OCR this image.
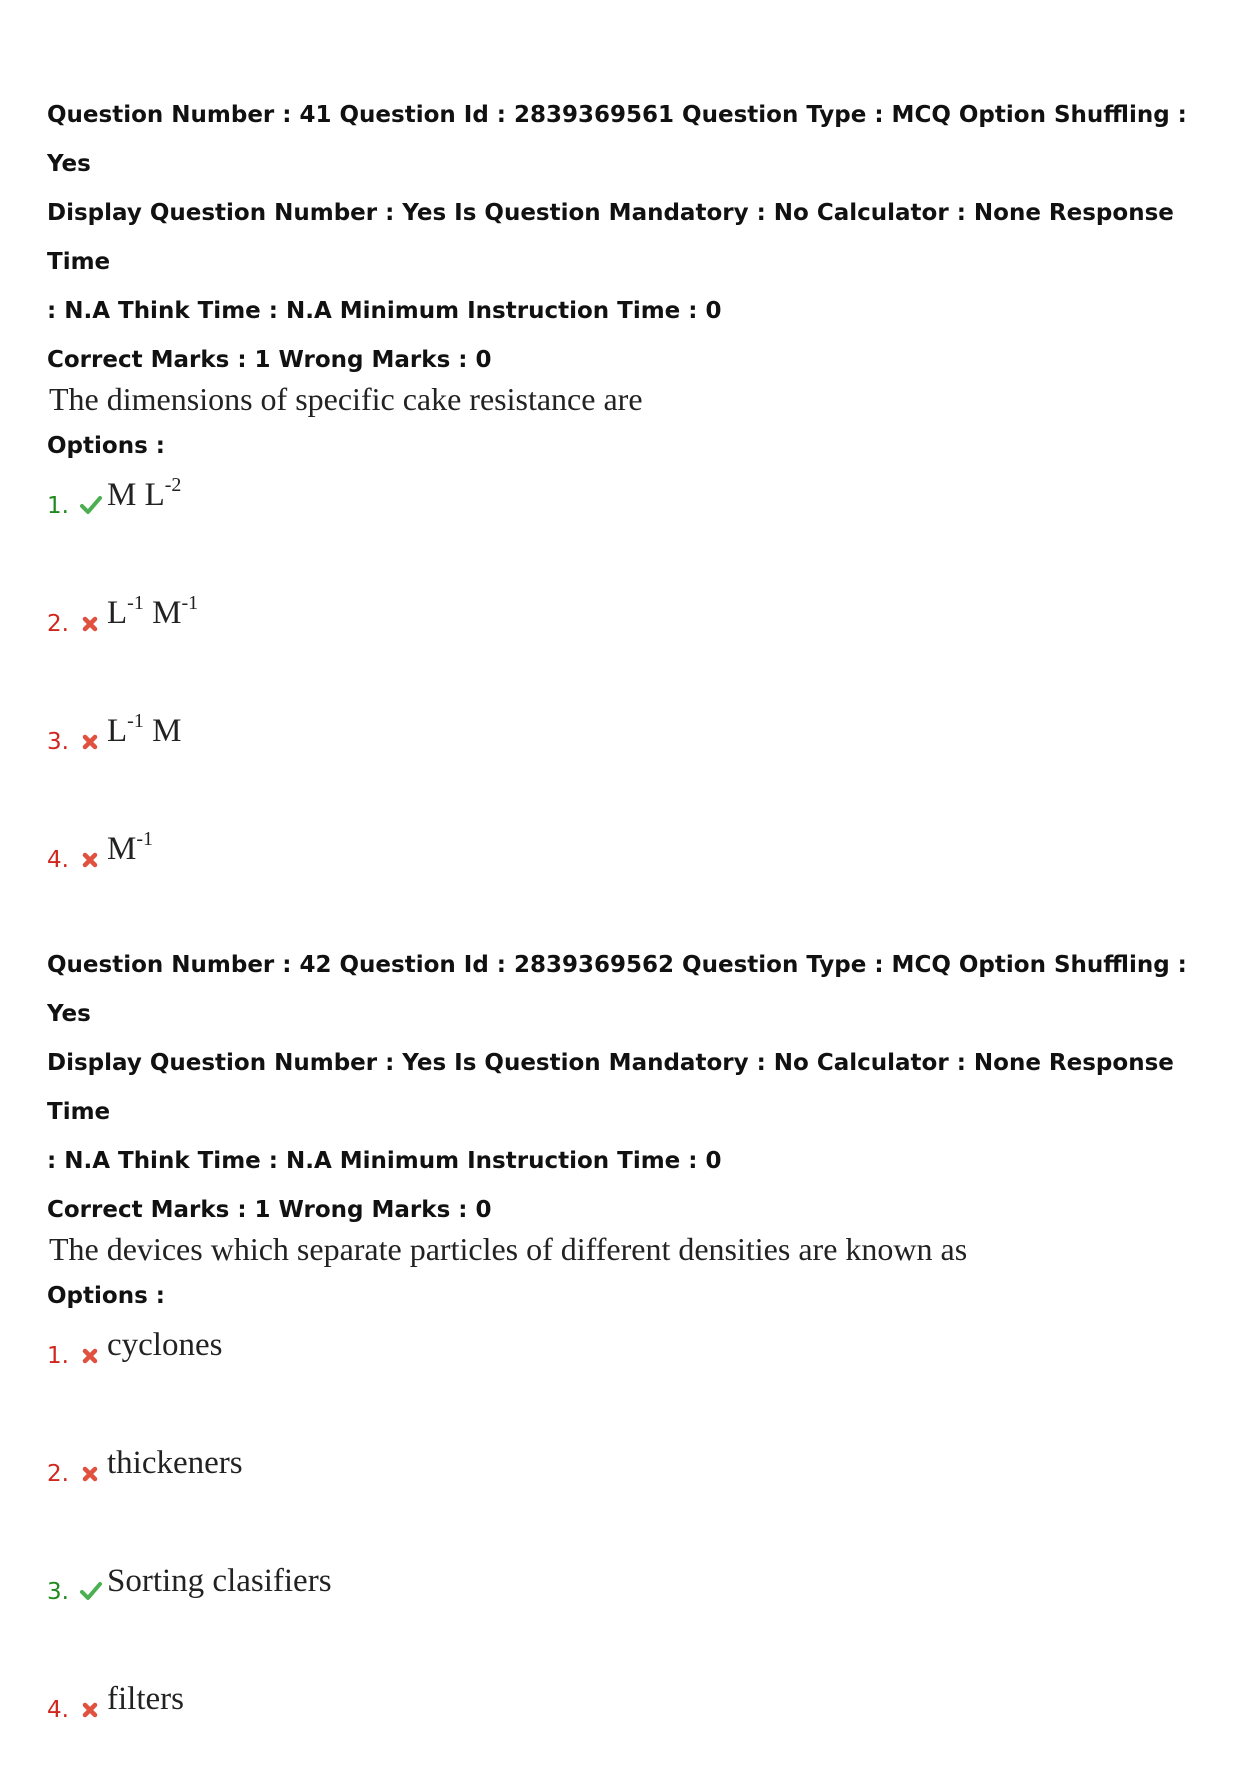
Question Number : 41 Question Id : 2839369561 Question Type : MCQ Option Shuffling : Yes

Display Question Number : Yes Is Question Mandatory : No Calculator : None Response Time

: N.A Think Time : N.A Minimum Instruction Time : 0

Correct Marks : 1 Wrong Marks : 0

The dimensions of specific cake resistance are

Options :

1.	M $L^{-2}$
2.	$L^{-1}$ $M^{-1}$
3.	$L^{-1}$ M
4.	$M^{-1}$

Question Number : 42 Question Id : 2839369562 Question Type : MCQ Option Shuffling : Yes

Display Question Number : Yes Is Question Mandatory : No Calculator : None Response Time

: N.A Think Time : N.A Minimum Instruction Time : 0

Correct Marks : 1 Wrong Marks : 0

The devices which separate particles of different densities are known as

Options :

1.	cyclones
2.	thickeners
3.	Sorting clasifiers
4.	filters
